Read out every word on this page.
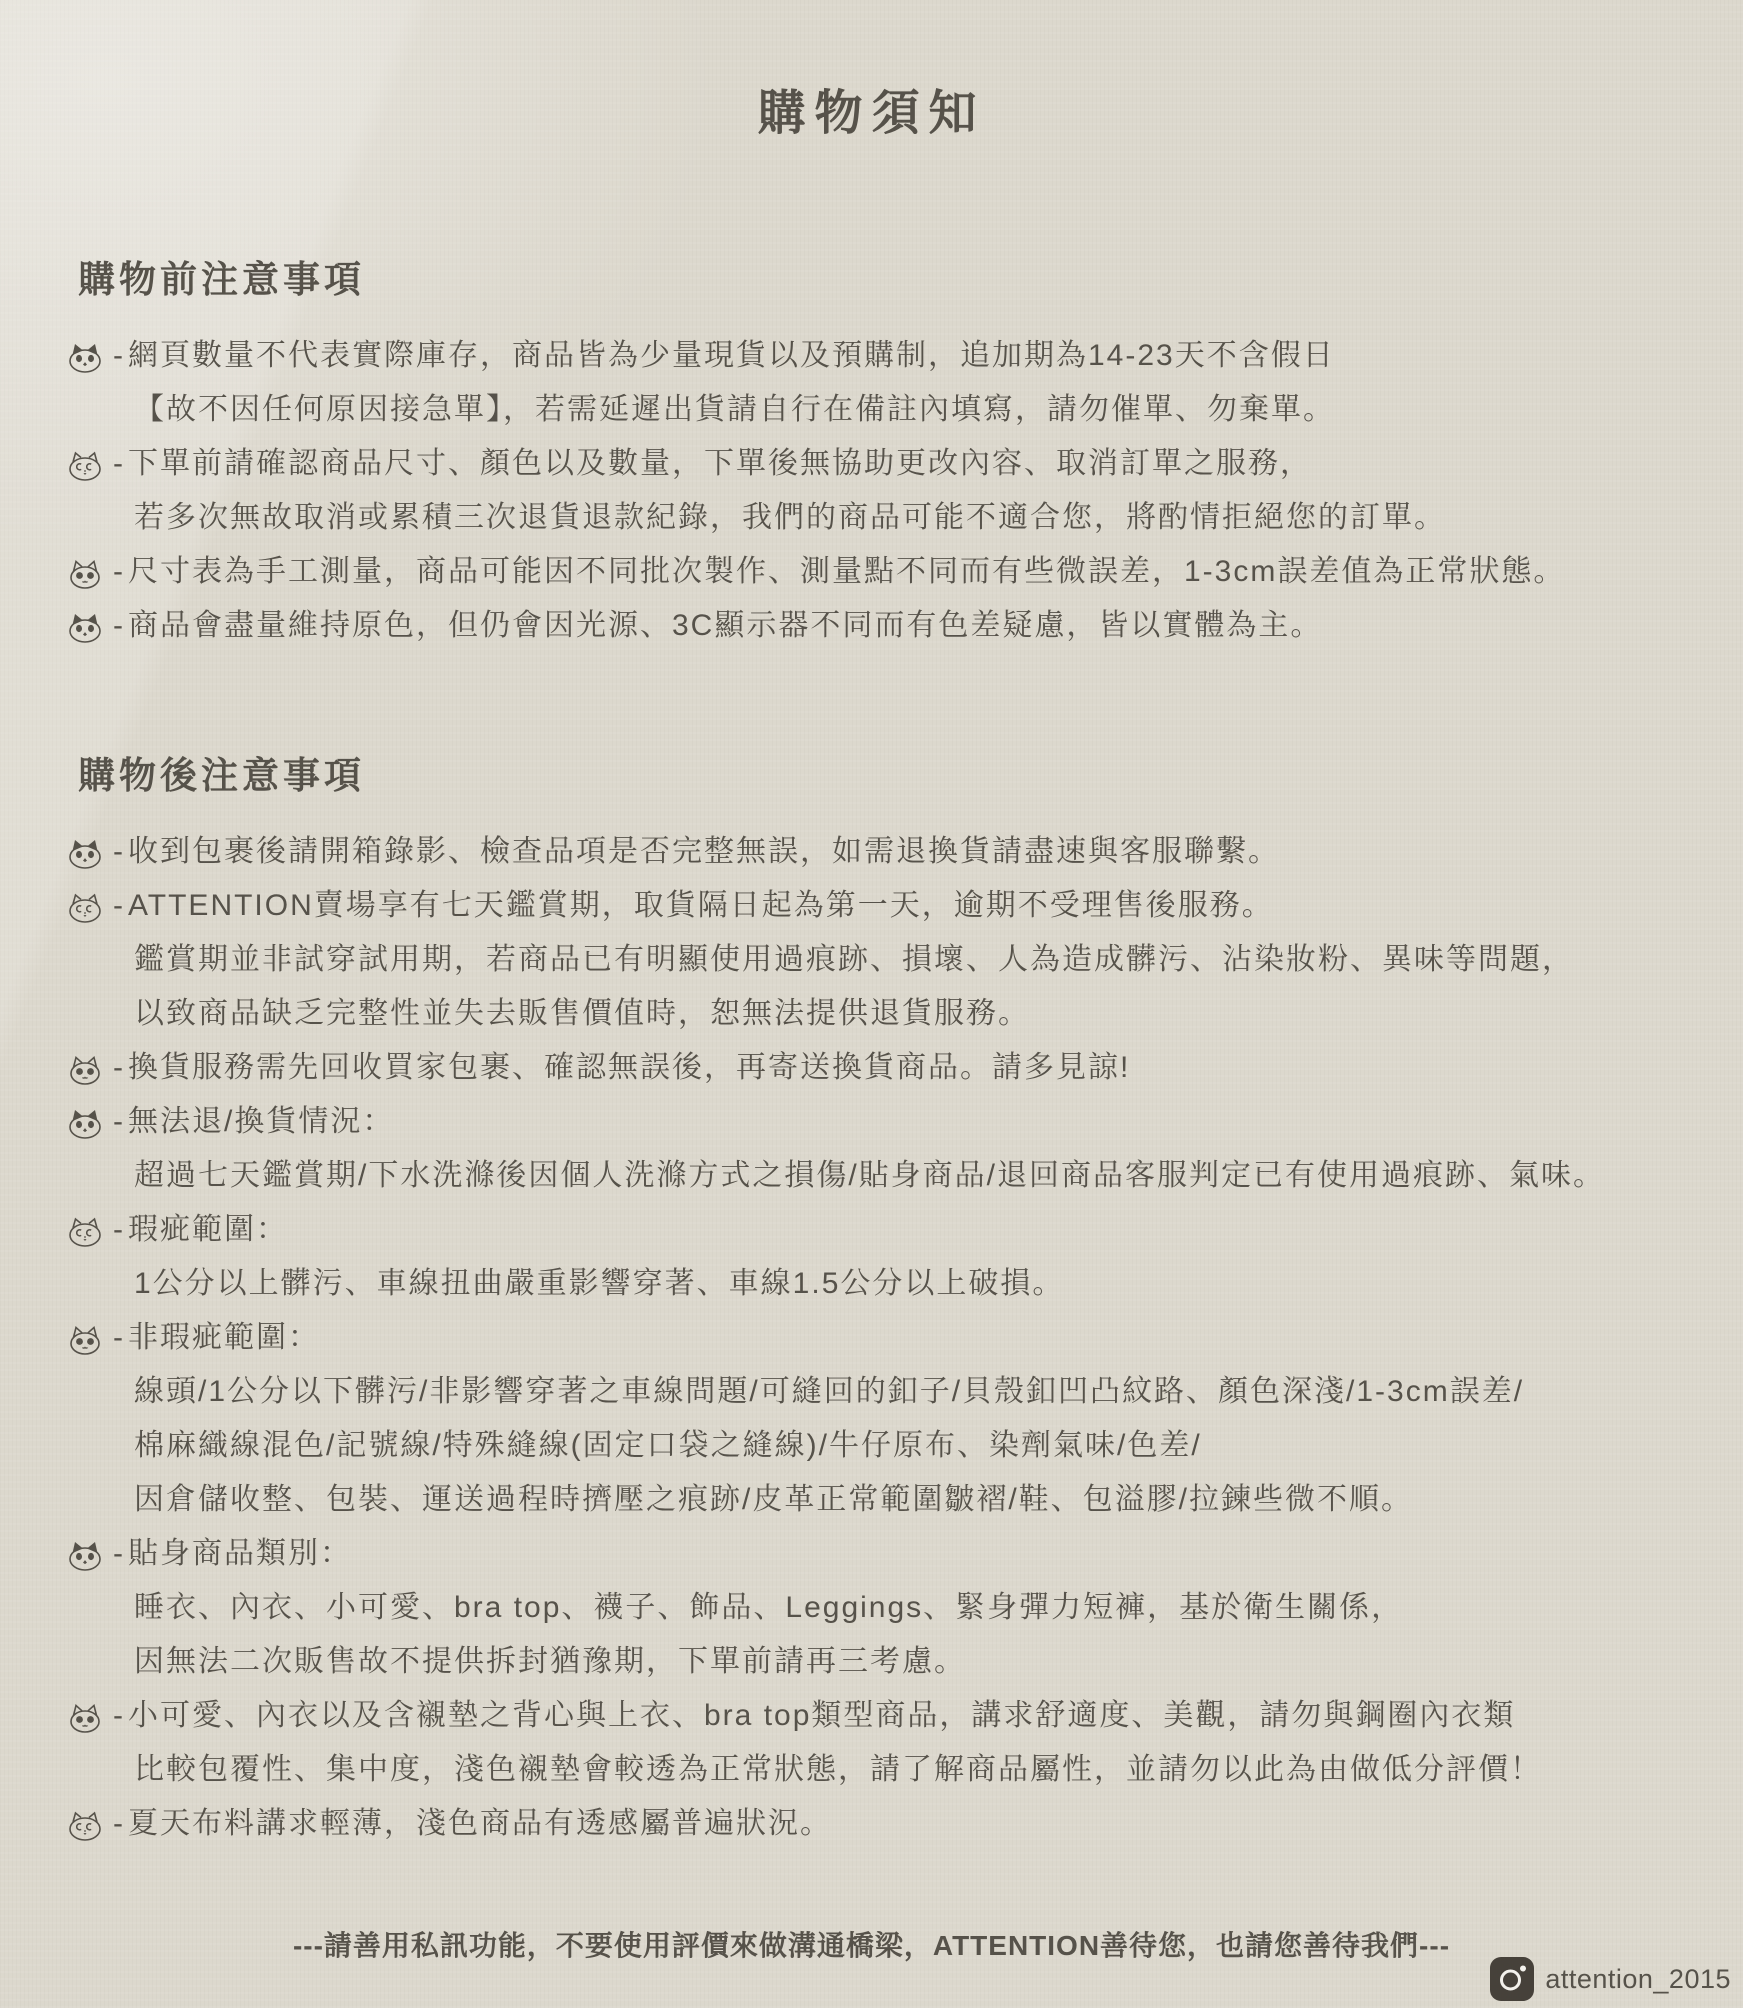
購物須知
購物前注意事項
- 網頁數量不代表實際庫存，商品皆為少量現貨以及預購制，追加期為14-23天不含假日
【故不因任何原因接急單】，若需延遲出貨請自行在備註內填寫，請勿催單、勿棄單。
- 下單前請確認商品尺寸、顏色以及數量，下單後無協助更改內容、取消訂單之服務，
若多次無故取消或累積三次退貨退款紀錄，我們的商品可能不適合您，將酌情拒絕您的訂單。
- 尺寸表為手工測量，商品可能因不同批次製作、測量點不同而有些微誤差，1-3cm誤差值為正常狀態。
- 商品會盡量維持原色，但仍會因光源、3C顯示器不同而有色差疑慮，皆以實體為主。
購物後注意事項
- 收到包裹後請開箱錄影、檢查品項是否完整無誤，如需退換貨請盡速與客服聯繫。
- ATTENTION賣場享有七天鑑賞期，取貨隔日起為第一天，逾期不受理售後服務。
鑑賞期並非試穿試用期，若商品已有明顯使用過痕跡、損壞、人為造成髒污、沾染妝粉、異味等問題，
以致商品缺乏完整性並失去販售價值時，恕無法提供退貨服務。
- 換貨服務需先回收買家包裹、確認無誤後，再寄送換貨商品。請多見諒!
- 無法退/換貨情況：
超過七天鑑賞期/下水洗滌後因個人洗滌方式之損傷/貼身商品/退回商品客服判定已有使用過痕跡、氣味。
- 瑕疵範圍：
1公分以上髒污、車線扭曲嚴重影響穿著、車線1.5公分以上破損。
- 非瑕疵範圍：
線頭/1公分以下髒污/非影響穿著之車線問題/可縫回的釦子/貝殼釦凹凸紋路、顏色深淺/1-3cm誤差/
棉麻織線混色/記號線/特殊縫線(固定口袋之縫線)/牛仔原布、染劑氣味/色差/
因倉儲收整、包裝、運送過程時擠壓之痕跡/皮革正常範圍皺褶/鞋、包溢膠/拉鍊些微不順。
- 貼身商品類別：
睡衣、內衣、小可愛、bra top、襪子、飾品、Leggings、緊身彈力短褲，基於衛生關係，
因無法二次販售故不提供拆封猶豫期，下單前請再三考慮。
- 小可愛、內衣以及含襯墊之背心與上衣、bra top類型商品，講求舒適度、美觀，請勿與鋼圈內衣類
比較包覆性、集中度，淺色襯墊會較透為正常狀態，請了解商品屬性，並請勿以此為由做低分評價！
- 夏天布料講求輕薄，淺色商品有透感屬普遍狀況。
---請善用私訊功能，不要使用評價來做溝通橋梁，ATTENTION善待您，也請您善待我們---
attention_2015
